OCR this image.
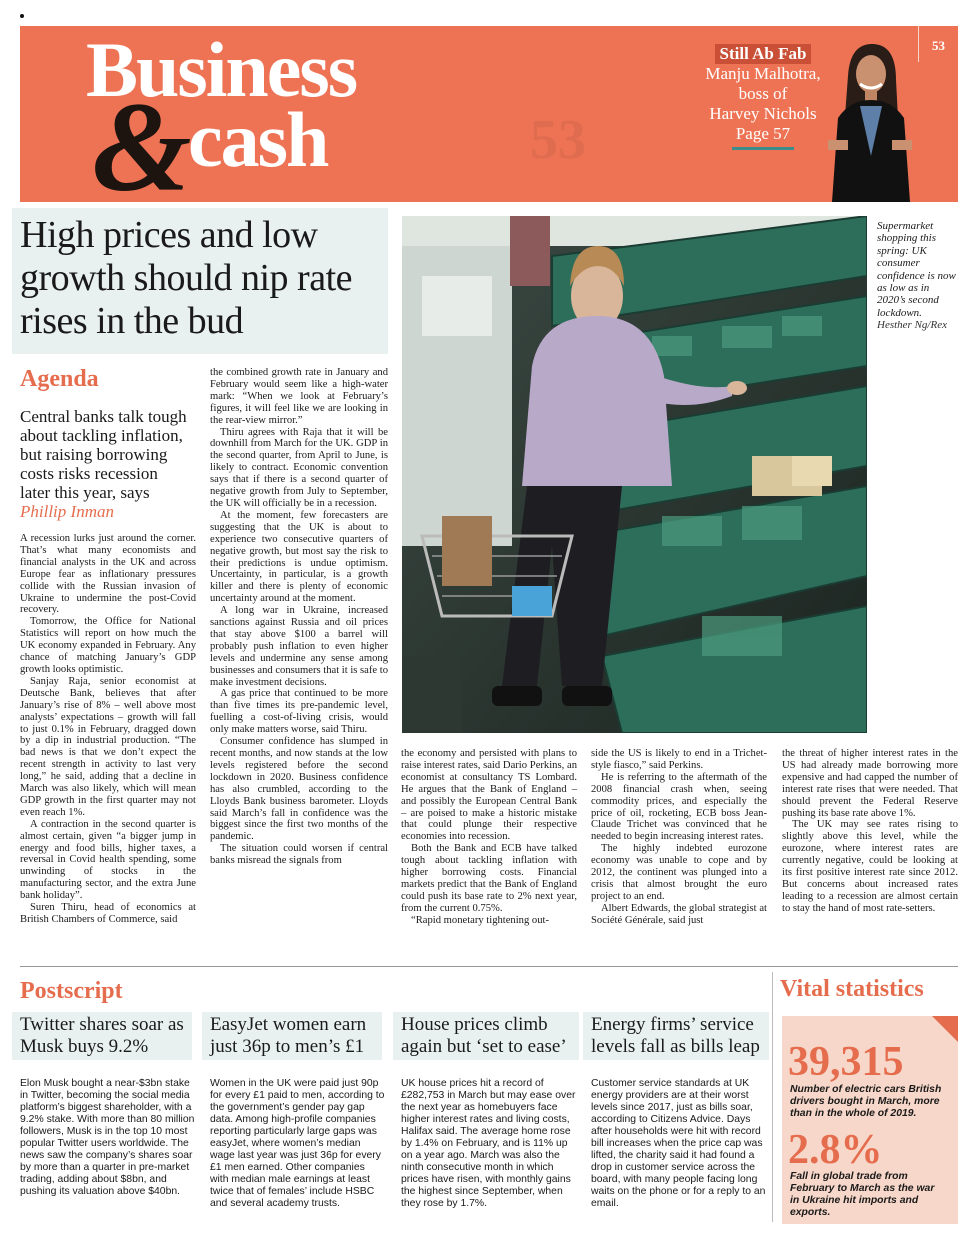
53
Business
&
cash
Still Ab Fab
Manju Malhotra,
boss of
Harvey Nichols
Page 57
53
High prices and low growth should nip rate rises in the bud
Supermarket shopping this spring: UK consumer confidence is now as low as in 2020’s second lockdown.
Hesther Ng/Rex
Agenda
Central banks talk tough about tackling inflation, but raising borrowing costs risks recession later this year, says Phillip Inman

A recession lurks just around the corner. That’s what many economists and financial analysts in the UK and across Europe fear as inflationary pressures collide with the Russian invasion of Ukraine to undermine the post-Covid recovery.

Tomorrow, the Office for National Statistics will report on how much the UK economy expanded in February. Any chance of matching January’s GDP growth looks optimistic.

Sanjay Raja, senior economist at Deutsche Bank, believes that after January’s rise of 8% – well above most analysts’ expectations – growth will fall to just 0.1% in February, dragged down by a dip in industrial production. “The bad news is that we don’t expect the recent strength in activity to last very long,” he said, adding that a decline in March was also likely, which will mean GDP growth in the first quarter may not even reach 1%.

A contraction in the second quarter is almost certain, given “a bigger jump in energy and food bills, higher taxes, a reversal in Covid health spending, some unwinding of stocks in the manufacturing sector, and the extra June bank holiday”.

Suren Thiru, head of economics at British Chambers of Commerce, said

the combined growth rate in January and February would seem like a high-water mark: “When we look at February’s figures, it will feel like we are looking in the rear-view mirror.”

Thiru agrees with Raja that it will be downhill from March for the UK. GDP in the second quarter, from April to June, is likely to contract. Economic convention says that if there is a second quarter of negative growth from July to September, the UK will officially be in a recession.

At the moment, few forecasters are suggesting that the UK is about to experience two consecutive quarters of negative growth, but most say the risk to their predictions is undue optimism. Uncertainty, in particular, is a growth killer and there is plenty of economic uncertainty around at the moment.

A long war in Ukraine, increased sanctions against Russia and oil prices that stay above $100 a barrel will probably push inflation to even higher levels and undermine any sense among businesses and consumers that it is safe to make investment decisions.

A gas price that continued to be more than five times its pre-pandemic level, fuelling a cost-of-living crisis, would only make matters worse, said Thiru.

Consumer confidence has slumped in recent months, and now stands at the low levels registered before the second lockdown in 2020. Business confidence has also crumbled, according to the Lloyds Bank business barometer. Lloyds said March’s fall in confidence was the biggest since the first two months of the pandemic.

The situation could worsen if central banks misread the signals from

the economy and persisted with plans to raise interest rates, said Dario Perkins, an economist at consultancy TS Lombard. He argues that the Bank of England – and possibly the European Central Bank – are poised to make a historic mistake that could plunge their respective economies into recession.

Both the Bank and ECB have talked tough about tackling inflation with higher borrowing costs. Financial markets predict that the Bank of England could push its base rate to 2% next year, from the current 0.75%.

“Rapid monetary tightening out-

side the US is likely to end in a Trichet-style fiasco,” said Perkins.

He is referring to the aftermath of the 2008 financial crash when, seeing commodity prices, and especially the price of oil, rocketing, ECB boss Jean-Claude Trichet was convinced that he needed to begin increasing interest rates.

The highly indebted eurozone economy was unable to cope and by 2012, the continent was plunged into a crisis that almost brought the euro project to an end.

Albert Edwards, the global strategist at Société Générale, said just

the threat of higher interest rates in the US had already made borrowing more expensive and had capped the number of interest rate rises that were needed. That should prevent the Federal Reserve pushing its base rate above 1%.

The UK may see rates rising to slightly above this level, while the eurozone, where interest rates are currently negative, could be looking at its first positive interest rate since 2012. But concerns about increased rates leading to a recession are almost certain to stay the hand of most rate-setters.

Postscript
Twitter shares soar as Musk buys 9.2%
EasyJet women earn just 36p to men’s £1
House prices climb again but ‘set to ease’
Energy firms’ service levels fall as bills leap
Elon Musk bought a near-$3bn stake in Twitter, becoming the social media platform’s biggest shareholder, with a 9.2% stake. With more than 80 million followers, Musk is in the top 10 most popular Twitter users worldwide. The news saw the company’s shares soar by more than a quarter in pre-market trading, adding about $8bn, and pushing its valuation above $40bn.
Women in the UK were paid just 90p for every £1 paid to men, according to the government’s gender pay gap data. Among high-profile companies reporting particularly large gaps was easyJet, where women’s median wage last year was just 36p for every £1 men earned. Other companies with median male earnings at least twice that of females’ include HSBC and several academy trusts.
UK house prices hit a record of £282,753 in March but may ease over the next year as homebuyers face higher interest rates and living costs, Halifax said. The average home rose by 1.4% on February, and is 11% up on a year ago. March was also the ninth consecutive month in which prices have risen, with monthly gains the highest since September, when they rose by 1.7%.
Customer service standards at UK energy providers are at their worst levels since 2017, just as bills soar, according to Citizens Advice. Days after households were hit with record bill increases when the price cap was lifted, the charity said it had found a drop in customer service across the board, with many people facing long waits on the phone or for a reply to an email.
Vital statistics
39,315
Number of electric cars British drivers bought in March, more than in the whole of 2019.
2.8%
Fall in global trade from February to March as the war in Ukraine hit imports and exports.
